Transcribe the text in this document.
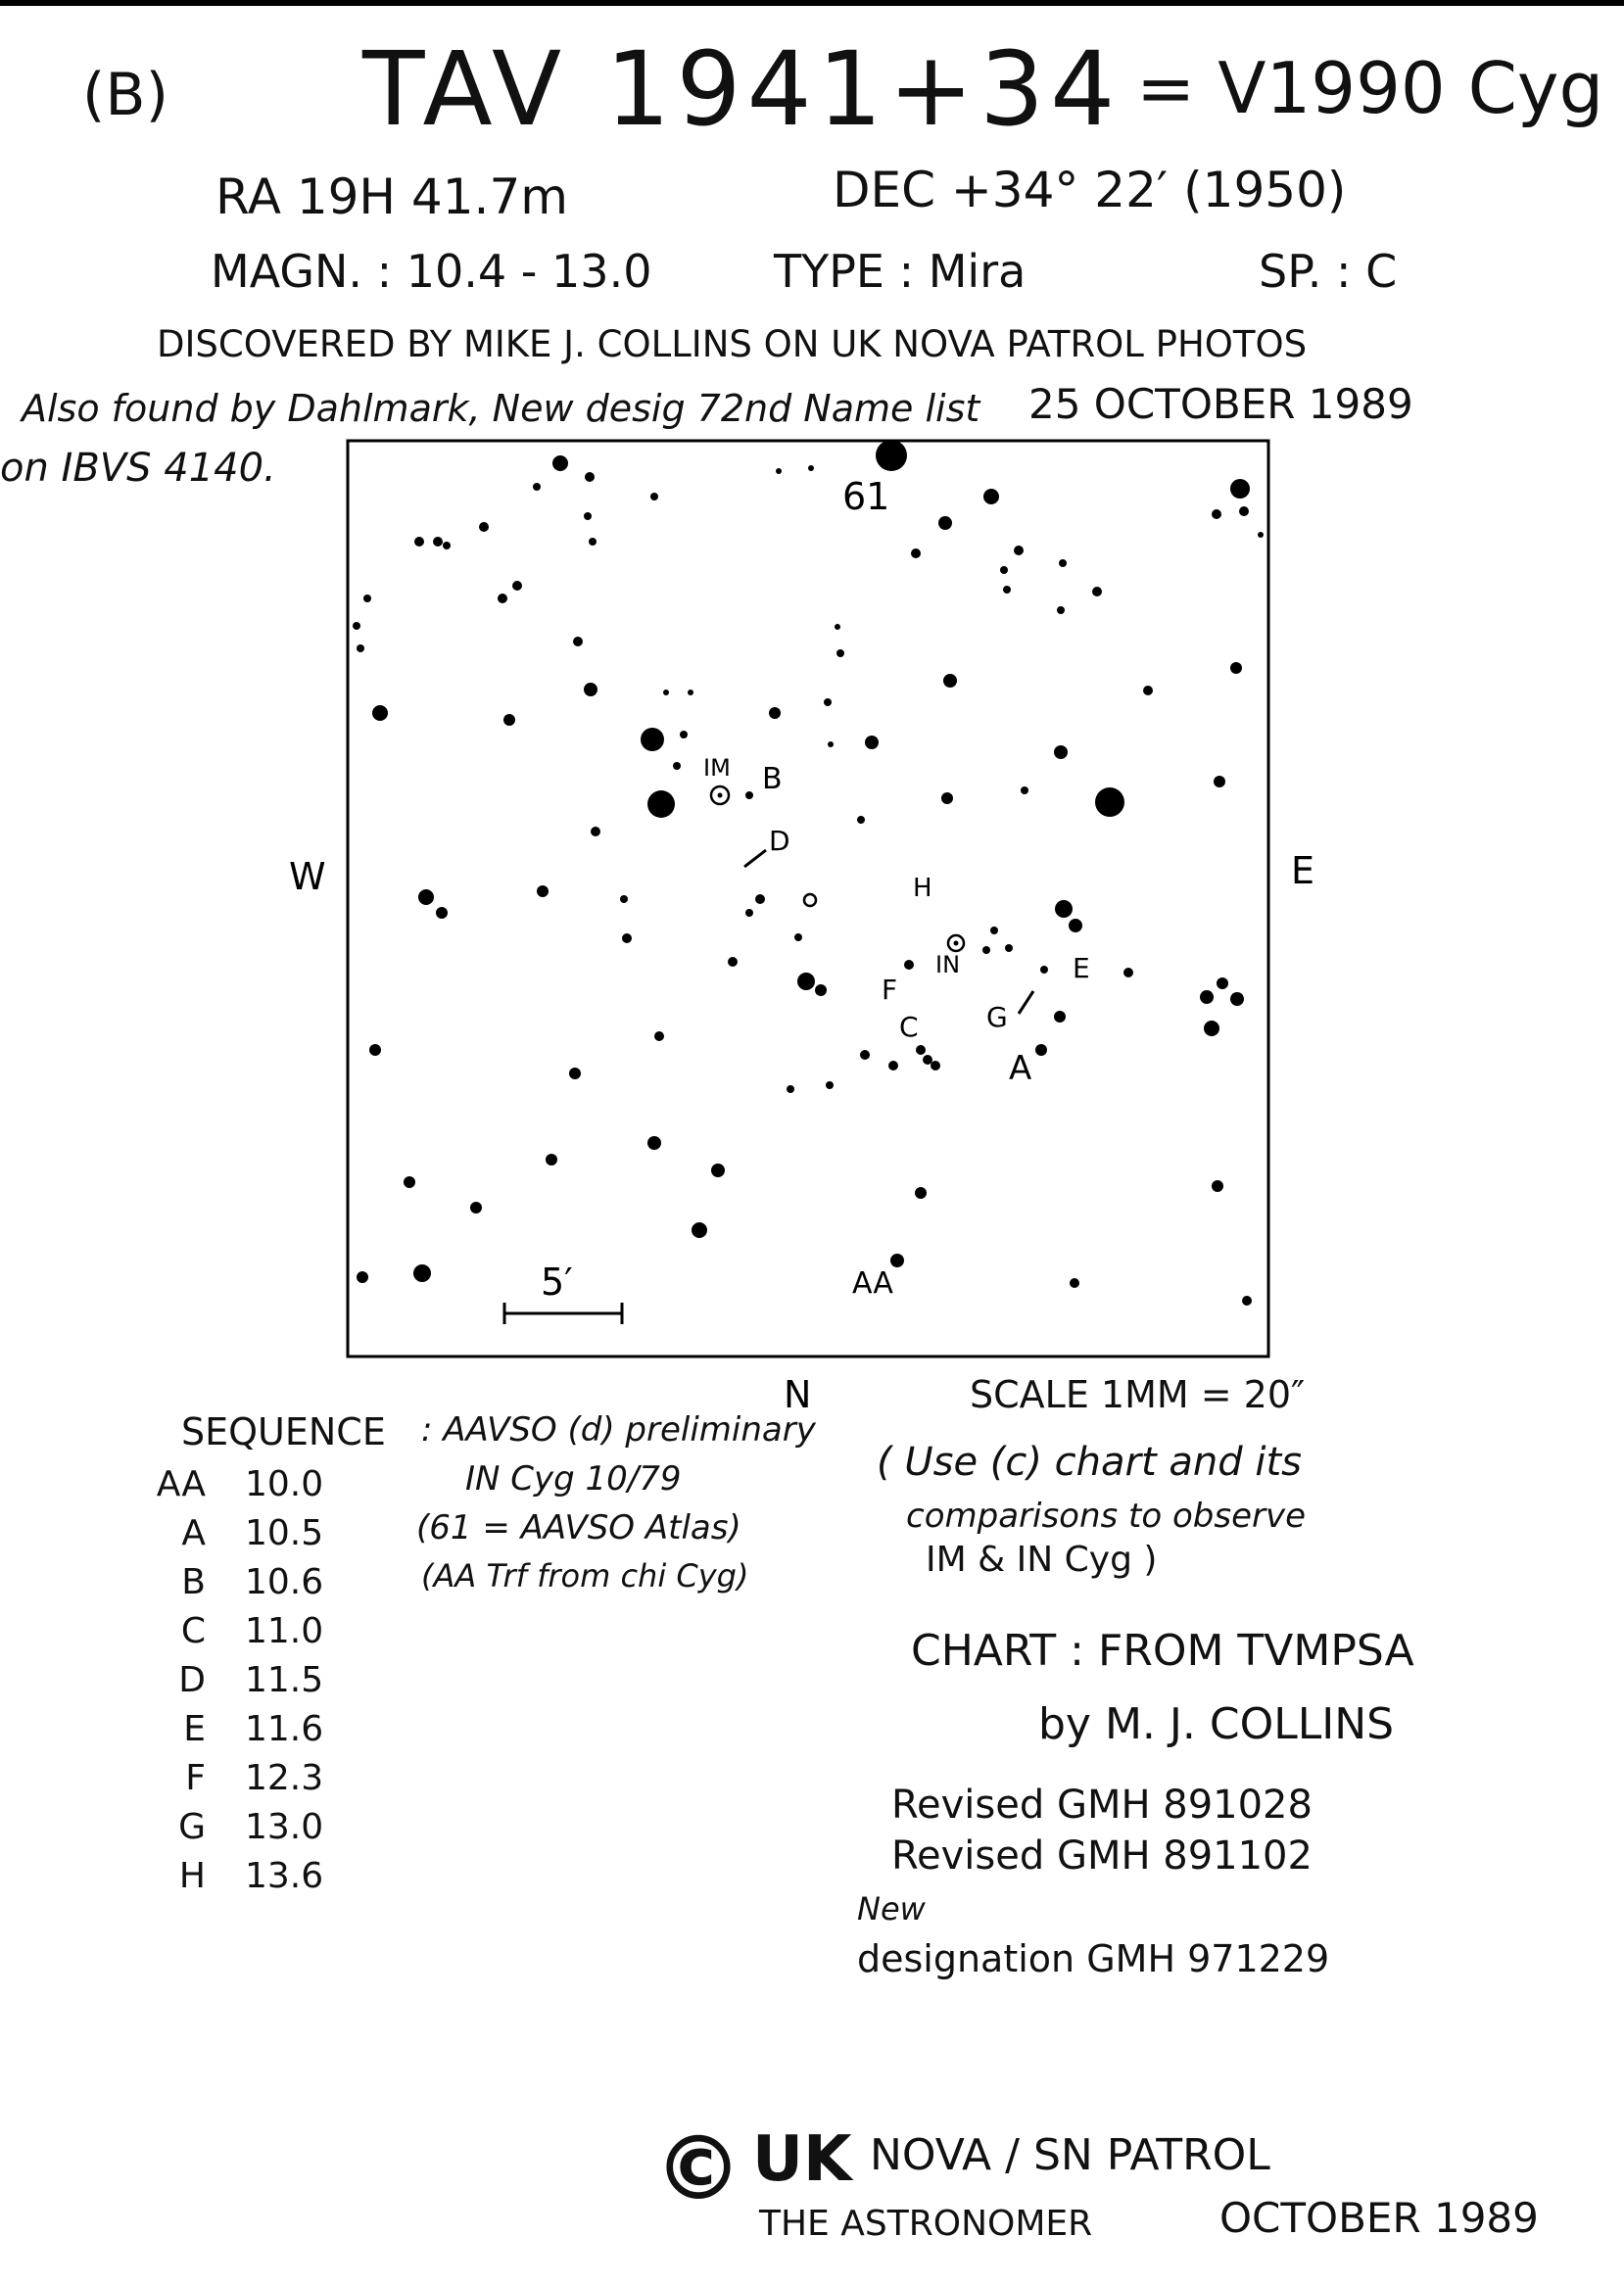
(B) TAV 1941+34 = V1990 Cyg
RA 19H 41.7m	DEC +34° 22′ (1950)
MAGN. : 10.4 - 13.0	TYPE : Mira	SP. : C
DISCOVERED BY MIKE J. COLLINS ON UK NOVA PATROL PHOTOS
Also found by Dahlmark, New desig 72nd Name list 25 OCTOBER 1989
on IBVS 4140.
61
IM B
D
H
IN	E
F
C G
A
AA
5′
W	E
N	SCALE 1MM = 20″
SEQUENCE : AAVSO (d) preliminary
IN Cyg 10/79
(61 = AAVSO Atlas)
(AA Trf from chi Cyg)
AA 10.0
A 10.5
B 10.6
C 11.0
D 11.5
E 11.6
F 12.3
G 13.0
H 13.6
( Use (c) chart and its
comparisons to observe
IM & IN Cyg )
CHART : FROM TVMPSA
by M. J. COLLINS
Revised GMH 891028
Revised GMH 891102
New
designation GMH 971229
© UK NOVA / SN PATROL
THE ASTRONOMER	OCTOBER 1989
